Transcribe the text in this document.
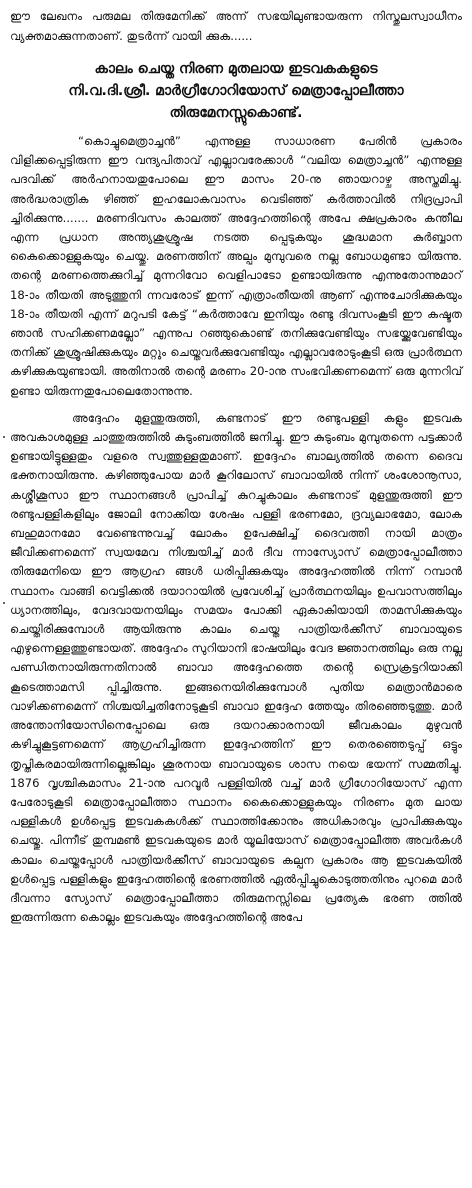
ഈ ലേഖനം പരുമല തിരുമേനിക്ക് അന്ന് സഭയിലുണ്ടായരുന്ന നിസ്തുലസ്വാധീനം വ്യക്തമാക്കുന്നതാണ്. തുടർന്ന് വായി ക്കുക......

കാലം ചെയ്ത നിരണ മുതലായ ഇടവകകളുടെ
നി.വ.ദി.ശ്രീ. മാർഗ്രീഗോറിയോസ് മെത്രാപ്പോലീത്താ
തിരുമേനസ്സുകൊണ്ട്.

“കൊച്ചുമെത്രാച്ചൻ” എന്നുള്ള സാധാരണ പേരിൻ പ്രകാരം വിളിക്കപ്പെട്ടിരുന്ന ഈ വന്ദ്യപിതാവ് എല്ലാവരേക്കാൾ “വലിയ മെത്രാച്ചൻ” എന്നുള്ള പദവിക്ക് അർഹനായതുപോലെ ഈ മാസം 20-നു ഞായറാഴ്ച അസ്തമിച്ചു. അർദ്ധരാത്രിക ഴിഞ്ഞ് ഇഹലോകവാസം വെടിഞ്ഞ് കർത്താവിൽ നിദ്രപ്രാപി ച്ചിരിക്കുന്നു....... മരണദിവസം കാലത്ത് അദ്ദേഹത്തിന്റെ അപേ ക്ഷപ്രകാരം കന്തീല എന്ന പ്രധാന അന്ത്യശുശ്രൂഷ നടത്ത പ്പെടുകയും ശുദ്ധമാന കുർബ്ബാന കൈക്കൊള്ളുകയും ചെയ്തു. മരണത്തിന് അല്പം മുമ്പുവരെ നല്ല ബോധമുണ്ടാ യിരുന്നു. തന്റെ മരണത്തെക്കുറിച്ച് മുന്നറിവോ വെളിപാടോ ഉണ്ടായിരുന്നു എന്നുതോന്നുമാറ് 18-ാം തീയതി അടുത്തുനി ന്നവരോട് ഇന്ന് എത്രാംതീയതി ആണ് എന്നുചോദിക്കുകയും 18-ാം തീയതി എന്ന് മറുപടി കേട്ട് “കർത്താവേ ഇനിയും രണ്ടു ദിവസംകൂടി ഈ കഷ്ടത ഞാൻ സഹിക്കണമല്ലോ” എന്നുപ റഞ്ഞുകൊണ്ട് തനിക്കുവേണ്ടിയും സഭയ്ക്കുവേണ്ടിയും തനിക്ക് ശുശ്രൂഷിക്കുകയും മറ്റും ചെയ്തവർക്കുവേണ്ടിയും എല്ലാവരോടുംകൂടി ഒരു പ്രാർത്ഥന കഴിക്കുകയുണ്ടായി. അതിനാൽ തന്റെ മരണം 20-ാനു സംഭവിക്കണമെന്ന് ഒരു മുന്നറിവ് ഉണ്ടാ യിരുന്നതുപോലെതോന്നുന്നു.

അദ്ദേഹം മുളന്തുരുത്തി, കണ്ടനാട് ഈ രണ്ടുപള്ളി കളും ഇടവക അവകാശമുള്ള ചാത്തുരുത്തിൽ കുടുംബത്തിൽ ജനിച്ചു. ഈ കുടുംബം മുമ്പുതന്നെ പട്ടക്കാർ ഉണ്ടായിട്ടുള്ളതും വളരെ സ്വത്തുള്ളതുമാണ്. ഇദ്ദേഹം ബാല്യത്തിൽ തന്നെ ദൈവ ഭക്തനായിരുന്നു. കഴിഞ്ഞുപോയ മാർ കൂറിലോസ് ബാവായിൽ നിന്ന് ശംശോനൂസാ, കശ്ശീശൂസാ ഈ സ്ഥാനങ്ങൾ പ്രാപിച്ച് കുറച്ചുകാലം കണ്ടനാട് മുളന്തുരുത്തി ഈ രണ്ടുപള്ളികളിലും ജോലി നോക്കിയ ശേഷം പള്ളി ഭരണമോ, ദ്രവ്യലാഭമോ, ലോക ബഹുമാനമോ വേണ്ടെന്നുവച്ച് ലോകം ഉപേക്ഷിച്ച് ദൈവത്തി നായി മാത്രം ജീവിക്കണമെന്ന് സ്വയമേവ നിശ്ചയിച്ച് മാർ ദീവ ന്നാസ്യോസ് മെത്രാപ്പോലീത്താ തിരുമേനിയെ ഈ ആഗ്രഹ ങ്ങൾ ധരിപ്പിക്കുകയും അദ്ദേഹത്തിൽ നിന്ന് റമ്പാൻ സ്ഥാനം വാങ്ങി വെട്ടിക്കൽ ദയാറായിൽ പ്രവേശിച്ച് പ്രാർത്ഥനയിലും ഉപവാസത്തിലും ധ്യാനത്തിലും, വേദവായനയിലും സമയം പോക്കി ഏകാകിയായി താമസിക്കുകയും ചെയ്തിരിക്കുമ്പോൾ ആയിരുന്നു കാലം ചെയ്ത പാത്രിയർക്കീസ് ബാവായുടെ എഴുന്നെള്ളത്തുണ്ടായത്. അദ്ദേഹം സുറിയാനി ഭാഷയിലും വേദ ജ്ഞാനത്തിലും ഒരു നല്ല പണ്ഡിതനായിരുന്നതിനാൽ ബാവാ അദ്ദേഹത്തെ തന്റെ സ്രെക്രട്ടറിയാക്കി കൂടെത്താമസി പ്പിച്ചിരുന്നു. ഇങ്ങനെയിരിക്കുമ്പോൾ പുതിയ മെത്രാൻമാരെ വാഴിക്കണമെന്ന് നിശ്ചയിച്ചതിനോടുകൂടി ബാവാ ഇദ്ദേഹ ത്തേയും തിരഞ്ഞെടുത്തു. മാർ അന്തോനിയോസിനെപ്പോലെ ഒരു ദയറാക്കാരനായി ജീവകാലം മുഴുവൻ കഴിച്ചുകൂട്ടണമെന്ന് ആഗ്രഹിച്ചിരുന്ന ഇദ്ദേഹത്തിന് ഈ തെരഞ്ഞെടുപ്പ് ഒട്ടും തൃപ്തികരമായിരുന്നില്ലെങ്കിലും ശൂരനായ ബാവായുടെ ശാസ നയെ ഭയന്ന് സമ്മതിച്ചു. 1876 വൃശ്ചികമാസം 21-ാനു പറവൂർ പള്ളിയിൽ വച്ച് മാർ ഗ്രീഗോറിയോസ് എന്ന പേരോടുകൂടി മെത്രാപ്പോലീത്താ സ്ഥാനം കൈക്കൊള്ളുകയും നിരണം മുത ലായ പള്ളികൾ ഉൾപ്പെട്ട ഇടവകകൾക്ക് സ്ഥാത്തിക്കോനും അധികാരവും പ്രാപിക്കുകയും ചെയ്തു. പിന്നീട് തുമ്പമൺ ഇടവകയുടെ മാർ യൂലിയോസ് മെത്രാപ്പോലീത്ത അവർകൾ കാലം ചെയ്തപ്പോൾ പാത്രിയർക്കീസ് ബാവായുടെ കല്പന പ്രകാരം ആ ഇടവകയിൽ ഉൾപ്പെട്ട പള്ളികളും ഇദ്ദേഹത്തിന്റെ ഭരണത്തിൽ ഏൽപ്പിച്ചുകൊടുത്തതിനും പുറമെ മാർ ദീവന്നാ സ്യോസ് മെത്രാപ്പോലീത്താ തിരുമനസ്സിലെ പ്രത്യേക ഭരണ ത്തിൽ ഇരുന്നിരുന്ന കൊല്ലം ഇടവകയും അദ്ദേഹത്തിന്റെ അപേ
